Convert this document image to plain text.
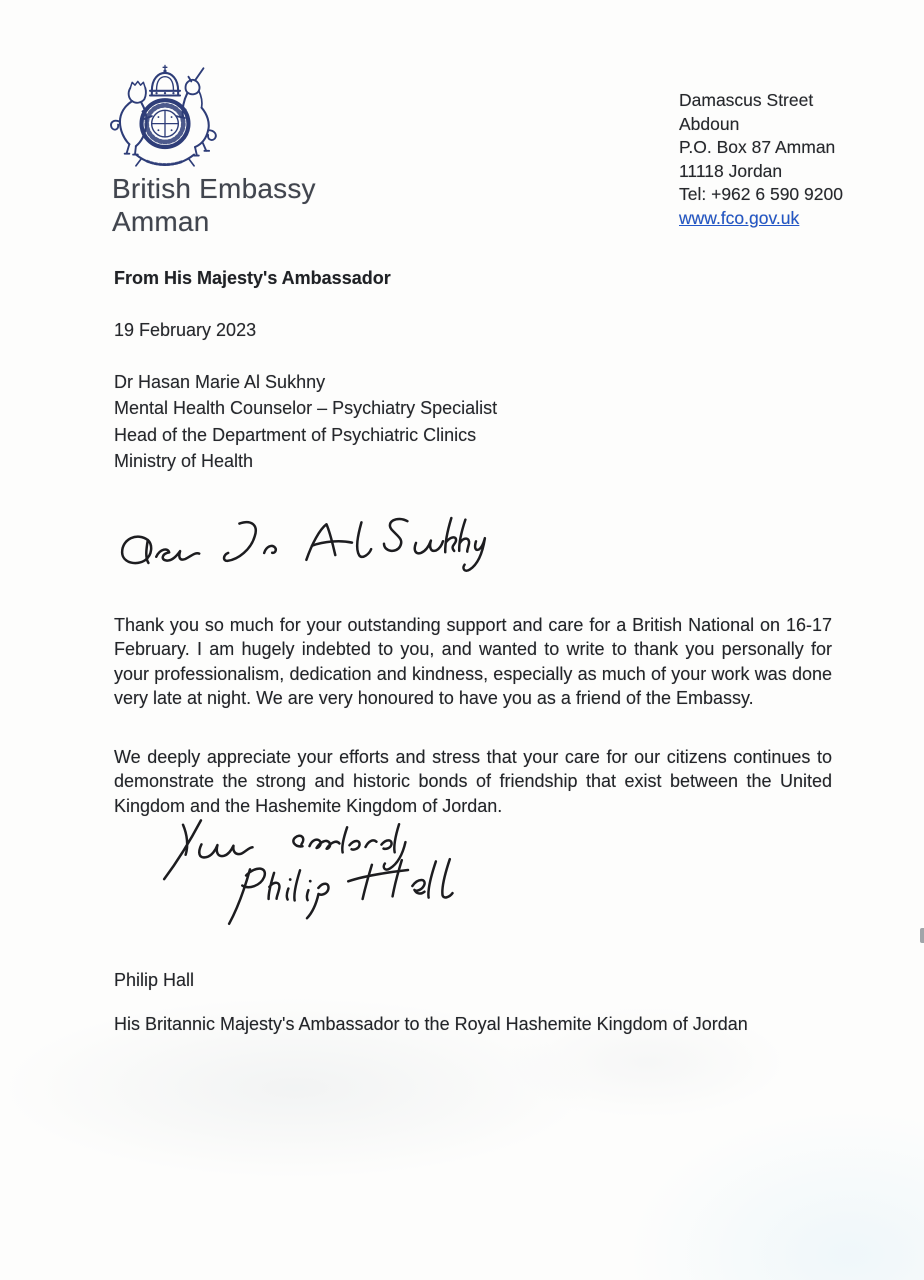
British Embassy
Amman
Damascus Street
Abdoun
P.O. Box 87 Amman
11118 Jordan
Tel: +962 6 590 9200
www.fco.gov.uk
From His Majesty's Ambassador
19 February 2023
Dr Hasan Marie Al Sukhny
Mental Health Counselor – Psychiatry Specialist
Head of the Department of Psychiatric Clinics
Ministry of Health

Thank you so much for your outstanding support and care for a British National on 16-17 February. I am hugely indebted to you, and wanted to write to thank you personally for your professionalism, dedication and kindness, especially as much of your work was done very late at night. We are very honoured to have you as a friend of the Embassy.

We deeply appreciate your efforts and stress that your care for our citizens continues to demonstrate the strong and historic bonds of friendship that exist between the United Kingdom and the Hashemite Kingdom of Jordan.

Philip Hall
His Britannic Majesty's Ambassador to the Royal Hashemite Kingdom of Jordan
